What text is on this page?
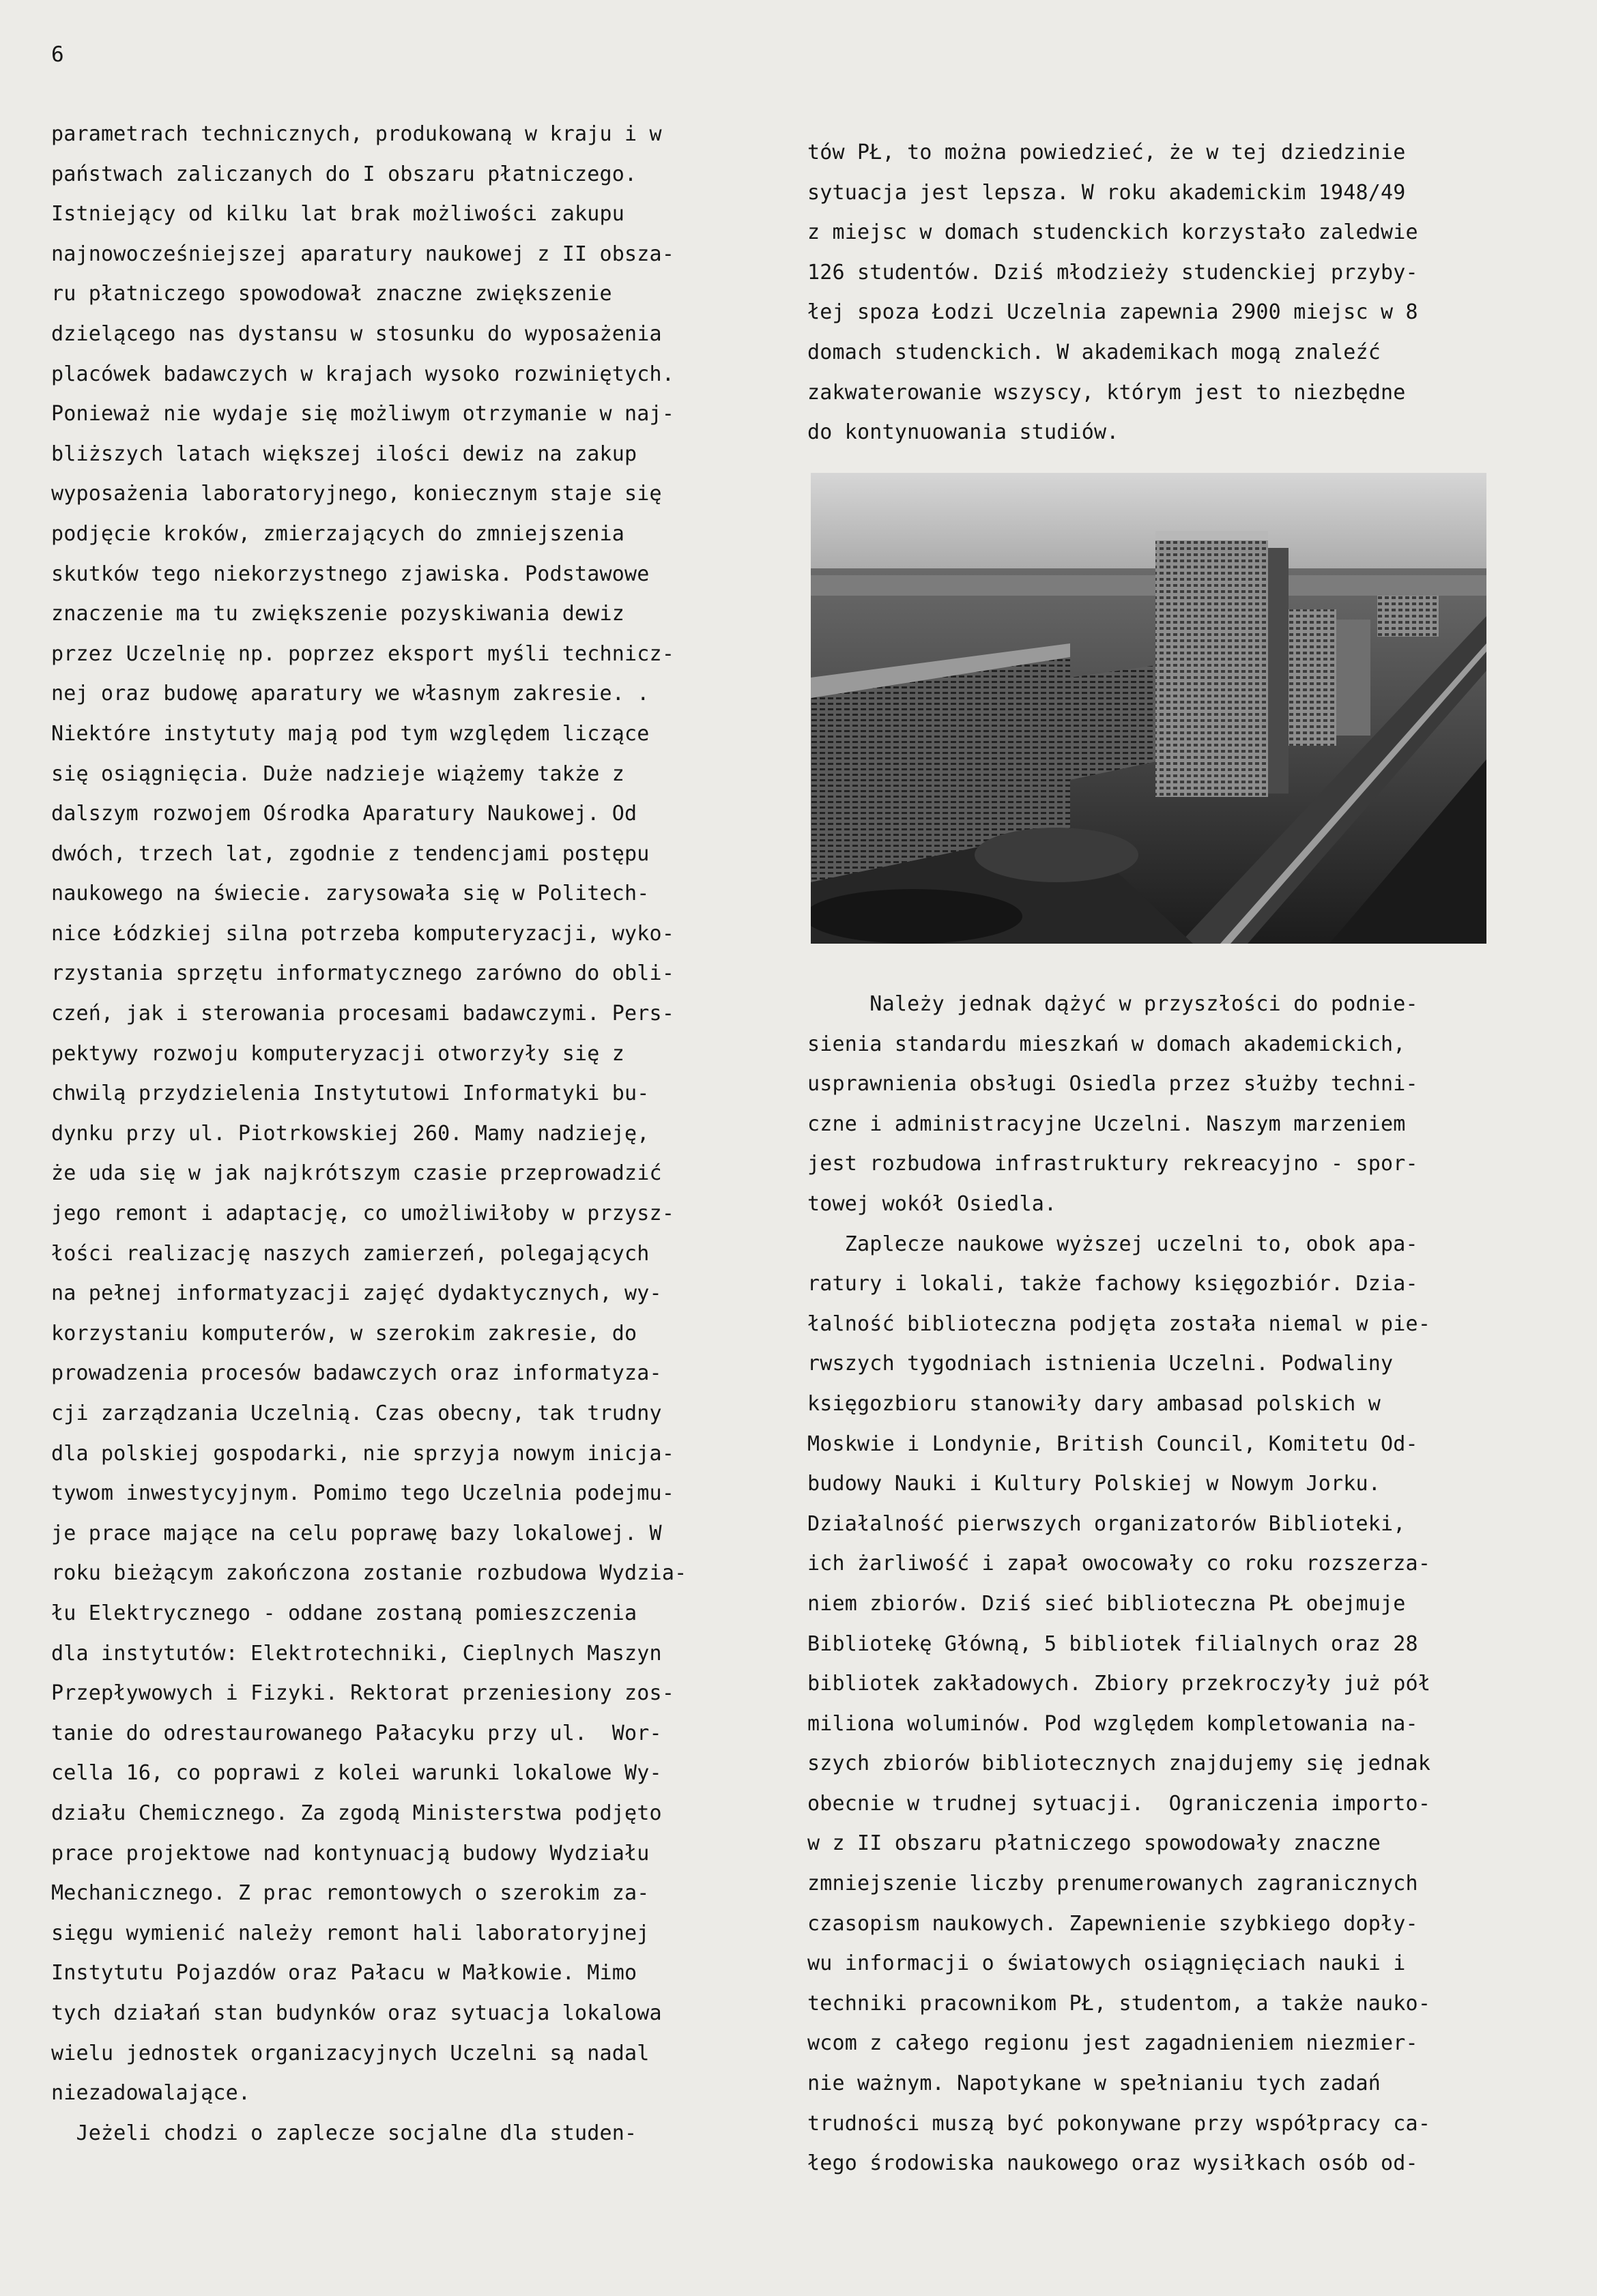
6
parametrach technicznych, produkowaną w kraju i w
państwach zaliczanych do I obszaru płatniczego.
Istniejący od kilku lat brak możliwości zakupu
najnowocześniejszej aparatury naukowej z II obsza-
ru płatniczego spowodował znaczne zwiększenie
dzielącego nas dystansu w stosunku do wyposażenia
placówek badawczych w krajach wysoko rozwiniętych.
Ponieważ nie wydaje się możliwym otrzymanie w naj-
bliższych latach większej ilości dewiz na zakup
wyposażenia laboratoryjnego, koniecznym staje się
podjęcie kroków, zmierzających do zmniejszenia
skutków tego niekorzystnego zjawiska. Podstawowe
znaczenie ma tu zwiększenie pozyskiwania dewiz
przez Uczelnię np. poprzez eksport myśli technicz-
nej oraz budowę aparatury we własnym zakresie. .
Niektóre instytuty mają pod tym względem liczące
się osiągnięcia. Duże nadzieje wiążemy także z
dalszym rozwojem Ośrodka Aparatury Naukowej. Od
dwóch, trzech lat, zgodnie z tendencjami postępu
naukowego na świecie. zarysowała się w Politech-
nice Łódzkiej silna potrzeba komputeryzacji, wyko-
rzystania sprzętu informatycznego zarówno do obli-
czeń, jak i sterowania procesami badawczymi. Pers-
pektywy rozwoju komputeryzacji otworzyły się z
chwilą przydzielenia Instytutowi Informatyki bu-
dynku przy ul. Piotrkowskiej 260. Mamy nadzieję,
że uda się w jak najkrótszym czasie przeprowadzić
jego remont i adaptację, co umożliwiłoby w przysz-
łości realizację naszych zamierzeń, polegających
na pełnej informatyzacji zajęć dydaktycznych, wy-
korzystaniu komputerów, w szerokim zakresie, do
prowadzenia procesów badawczych oraz informatyza-
cji zarządzania Uczelnią. Czas obecny, tak trudny
dla polskiej gospodarki, nie sprzyja nowym inicja-
tywom inwestycyjnym. Pomimo tego Uczelnia podejmu-
je prace mające na celu poprawę bazy lokalowej. W
roku bieżącym zakończona zostanie rozbudowa Wydzia-
łu Elektrycznego - oddane zostaną pomieszczenia
dla instytutów: Elektrotechniki, Cieplnych Maszyn
Przepływowych i Fizyki. Rektorat przeniesiony zos-
tanie do odrestaurowanego Pałacyku przy ul.  Wor-
cella 16, co poprawi z kolei warunki lokalowe Wy-
działu Chemicznego. Za zgodą Ministerstwa podjęto
prace projektowe nad kontynuacją budowy Wydziału
Mechanicznego. Z prac remontowych o szerokim za-
sięgu wymienić należy remont hali laboratoryjnej
Instytutu Pojazdów oraz Pałacu w Małkowie. Mimo
tych działań stan budynków oraz sytuacja lokalowa
wielu jednostek organizacyjnych Uczelni są nadal
niezadowalające.
Jeżeli chodzi o zaplecze socjalne dla studen-
tów PŁ, to można powiedzieć, że w tej dziedzinie
sytuacja jest lepsza. W roku akademickim 1948/49
z miejsc w domach studenckich korzystało zaledwie
126 studentów. Dziś młodzieży studenckiej przyby-
łej spoza Łodzi Uczelnia zapewnia 2900 miejsc w 8
domach studenckich. W akademikach mogą znaleźć
zakwaterowanie wszyscy, którym jest to niezbędne
do kontynuowania studiów.
Należy jednak dążyć w przyszłości do podnie-
sienia standardu mieszkań w domach akademickich,
usprawnienia obsługi Osiedla przez służby techni-
czne i administracyjne Uczelni. Naszym marzeniem
jest rozbudowa infrastruktury rekreacyjno - spor-
towej wokół Osiedla.
Zaplecze naukowe wyższej uczelni to, obok apa-
ratury i lokali, także fachowy księgozbiór. Dzia-
łalność biblioteczna podjęta została niemal w pie-
rwszych tygodniach istnienia Uczelni. Podwaliny
księgozbioru stanowiły dary ambasad polskich w
Moskwie i Londynie, British Council, Komitetu Od-
budowy Nauki i Kultury Polskiej w Nowym Jorku.
Działalność pierwszych organizatorów Biblioteki,
ich żarliwość i zapał owocowały co roku rozszerza-
niem zbiorów. Dziś sieć biblioteczna PŁ obejmuje
Bibliotekę Główną, 5 bibliotek filialnych oraz 28
bibliotek zakładowych. Zbiory przekroczyły już pół
miliona woluminów. Pod względem kompletowania na-
szych zbiorów bibliotecznych znajdujemy się jednak
obecnie w trudnej sytuacji.  Ograniczenia importo-
w z II obszaru płatniczego spowodowały znaczne
zmniejszenie liczby prenumerowanych zagranicznych
czasopism naukowych. Zapewnienie szybkiego dopły-
wu informacji o światowych osiągnięciach nauki i
techniki pracownikom PŁ, studentom, a także nauko-
wcom z całego regionu jest zagadnieniem niezmier-
nie ważnym. Napotykane w spełnianiu tych zadań
trudności muszą być pokonywane przy współpracy ca-
łego środowiska naukowego oraz wysiłkach osób od-
